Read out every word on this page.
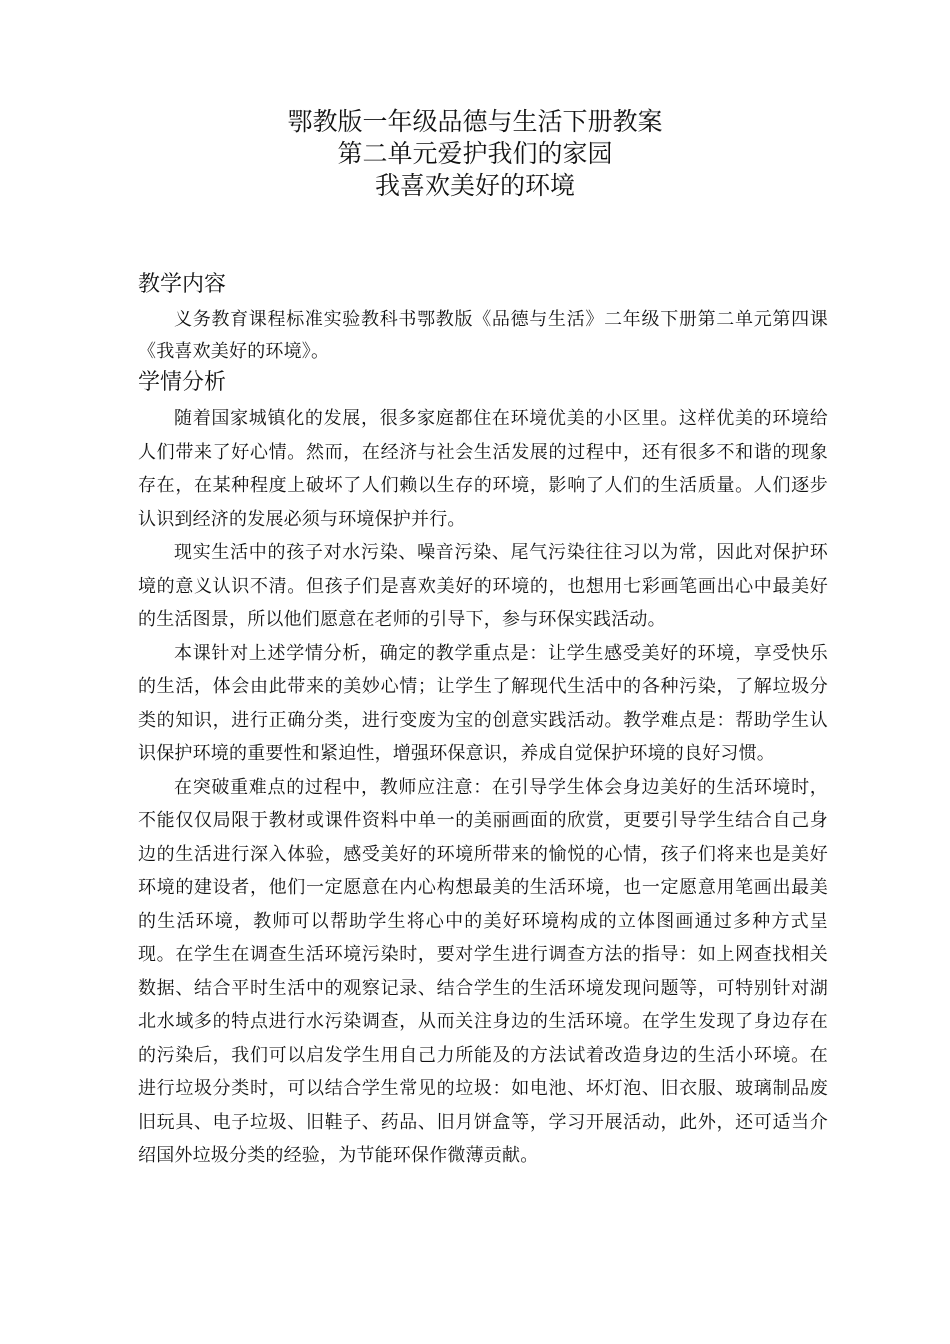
鄂教版一年级品德与生活下册教案
第二单元爱护我们的家园
我喜欢美好的环境
教学内容

义务教育课程标准实验教科书鄂教版《品德与生活》二年级下册第二单元第四课《我喜欢美好的环境》。

学情分析

随着国家城镇化的发展，很多家庭都住在环境优美的小区里。这样优美的环境给人们带来了好心情。然而，在经济与社会生活发展的过程中，还有很多不和谐的现象存在，在某种程度上破坏了人们赖以生存的环境，影响了人们的生活质量。人们逐步认识到经济的发展必须与环境保护并行。

现实生活中的孩子对水污染、噪音污染、尾气污染往往习以为常，因此对保护环境的意义认识不清。但孩子们是喜欢美好的环境的，也想用七彩画笔画出心中最美好的生活图景，所以他们愿意在老师的引导下，参与环保实践活动。

本课针对上述学情分析，确定的教学重点是：让学生感受美好的环境，享受快乐的生活，体会由此带来的美妙心情；让学生了解现代生活中的各种污染，了解垃圾分类的知识，进行正确分类，进行变废为宝的创意实践活动。教学难点是：帮助学生认识保护环境的重要性和紧迫性，增强环保意识，养成自觉保护环境的良好习惯。

在突破重难点的过程中，教师应注意：在引导学生体会身边美好的生活环境时，不能仅仅局限于教材或课件资料中单一的美丽画面的欣赏，更要引导学生结合自己身边的生活进行深入体验，感受美好的环境所带来的愉悦的心情，孩子们将来也是美好环境的建设者，他们一定愿意在内心构想最美的生活环境，也一定愿意用笔画出最美的生活环境，教师可以帮助学生将心中的美好环境构成的立体图画通过多种方式呈现。在学生在调查生活环境污染时，要对学生进行调查方法的指导：如上网查找相关数据、结合平时生活中的观察记录、结合学生的生活环境发现问题等，可特别针对湖北水域多的特点进行水污染调查，从而关注身边的生活环境。在学生发现了身边存在的污染后，我们可以启发学生用自己力所能及的方法试着改造身边的生活小环境。在进行垃圾分类时，可以结合学生常见的垃圾：如电池、坏灯泡、旧衣服、玻璃制品废旧玩具、电子垃圾、旧鞋子、药品、旧月饼盒等，学习开展活动，此外，还可适当介绍国外垃圾分类的经验，为节能环保作微薄贡献。
